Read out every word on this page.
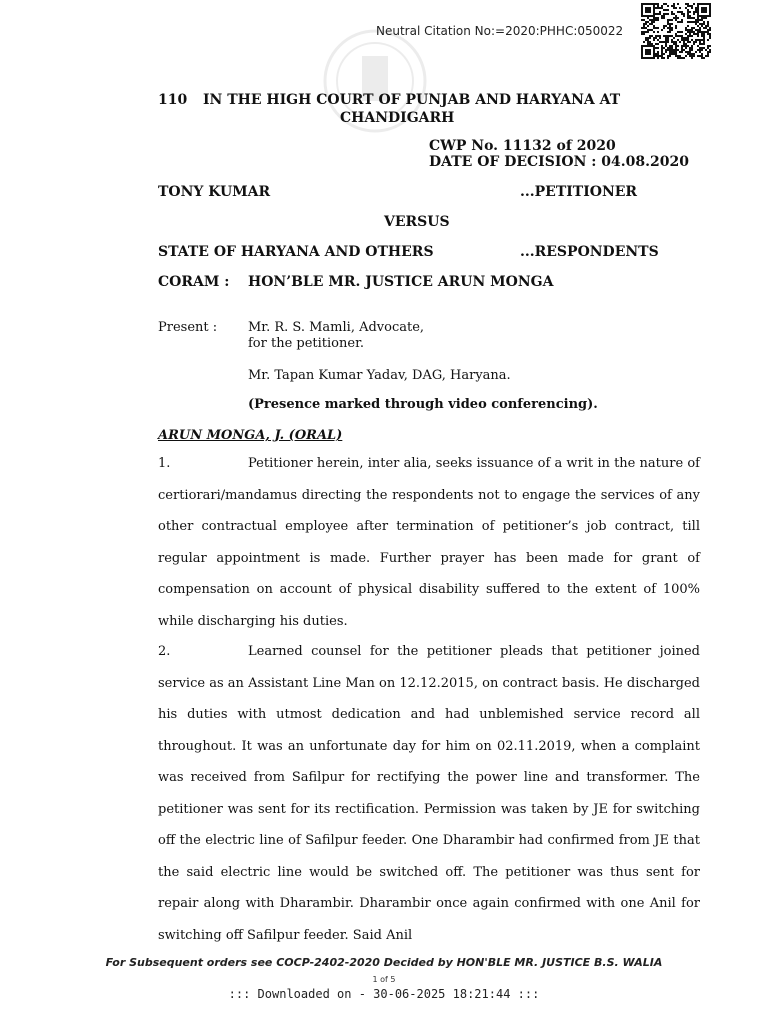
Neutral Citation No:=2020:PHHC:050022
110 IN THE HIGH COURT OF PUNJAB AND HARYANA AT
CHANDIGARH
CWP No. 11132 of 2020
DATE OF DECISION : 04.08.2020
TONY KUMAR	...PETITIONER
VERSUS
STATE OF HARYANA AND OTHERS	...RESPONDENTS
CORAM : HON’BLE MR. JUSTICE ARUN MONGA
Present : Mr. R. S. Mamli, Advocate,
for the petitioner.
Mr. Tapan Kumar Yadav, DAG, Haryana.
(Presence marked through video conferencing).
ARUN MONGA, J. (ORAL)
1.	Petitioner herein, inter alia, seeks issuance of a writ in the nature of certiorari/mandamus directing the respondents not to engage the services of any other contractual employee after termination of petitioner’s job contract, till regular appointment is made. Further prayer has been made for grant of compensation on account of physical disability suffered to the extent of 100% while discharging his duties.
2.	Learned counsel for the petitioner pleads that petitioner joined service as an Assistant Line Man on 12.12.2015, on contract basis. He discharged his duties with utmost dedication and had unblemished service record all throughout. It was an unfortunate day for him on 02.11.2019, when a complaint was received from Safilpur for rectifying the power line and transformer. The petitioner was sent for its rectification. Permission was taken by JE for switching off the electric line of Safilpur feeder. One Dharambir had confirmed from JE that the said electric line would be switched off. The petitioner was thus sent for repair along with Dharambir. Dharambir once again confirmed with one Anil for switching off Safilpur feeder. Said Anil
For Subsequent orders see COCP-2402-2020 Decided by HON'BLE MR. JUSTICE B.S. WALIA
1 of 5
::: Downloaded on - 30-06-2025 18:21:44 :::
